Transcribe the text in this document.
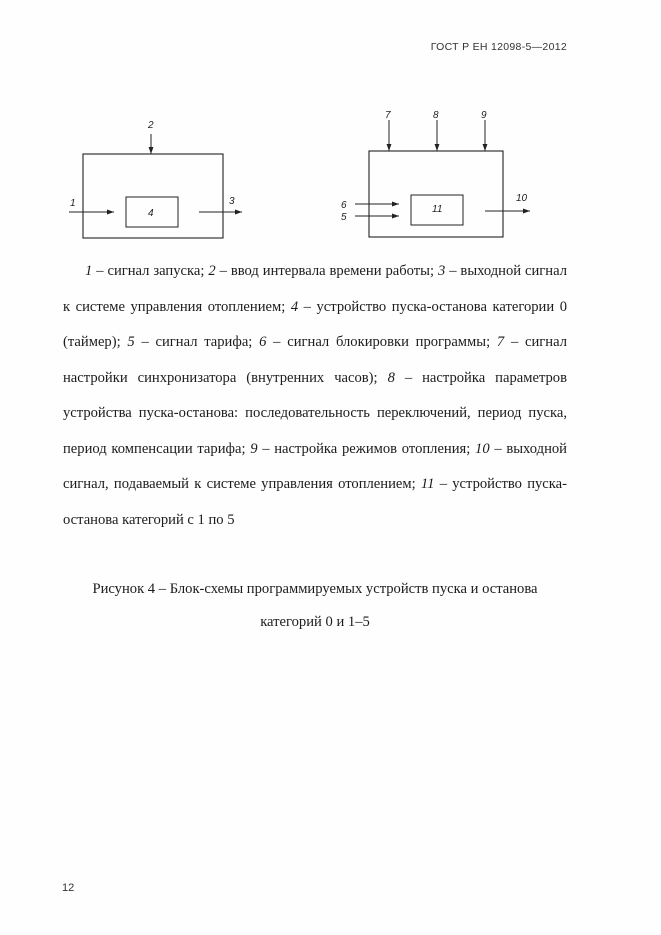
ГОСТ Р ЕН 12098-5—2012
2
1
4
3
7	8	9
6
5
11
10

1 – сигнал запуска; 2 – ввод интервала времени работы; 3 – выходной сигнал к системе управления отоплением; 4 – устройство пуска-останова категории 0 (таймер); 5 – сигнал тарифа; 6 – сигнал блокировки программы; 7 – сигнал настройки синхронизатора (внутренних часов); 8 – настройка параметров устройства пуска-останова: последовательность переключений, период пуска, период компенсации тарифа; 9 – настройка режимов отопления; 10 – выходной сигнал, подаваемый к системе управления отоплением; 11 – устройство пуска-останова категорий с 1 по 5

Рисунок 4 – Блок-схемы программируемых устройств пуска и останова
категорий 0 и 1–5
12
